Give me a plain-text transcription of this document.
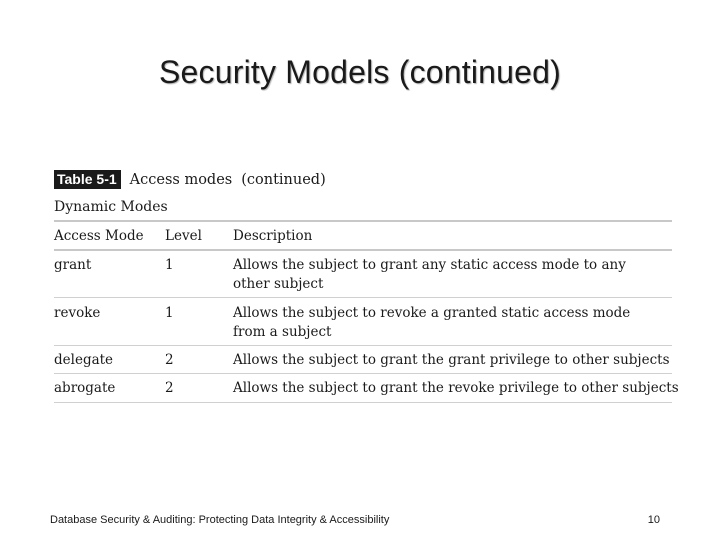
Security Models (continued)
Table 5-1 Access modes (continued)
Dynamic Modes
Access Mode Level Description
grant	1	Allows the subject to grant any static access mode to any other subject
revoke	1	Allows the subject to revoke a granted static access mode from a subject
delegate	2	Allows the subject to grant the grant privilege to other subjects
abrogate	2	Allows the subject to grant the revoke privilege to other subjects
Database Security & Auditing: Protecting Data Integrity & Accessibility	10
